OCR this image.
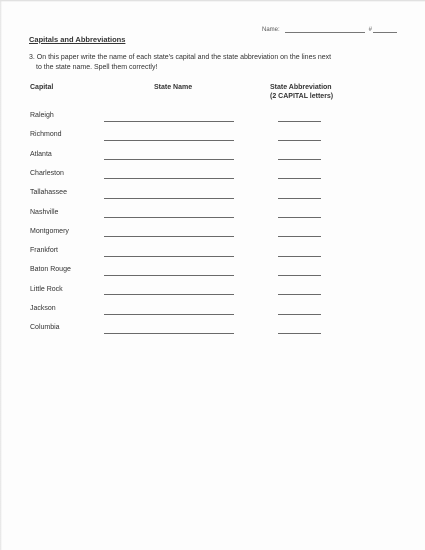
Name:	#
Capitals and Abbreviations
3. On this paper write the name of each state's capital and the state abbreviation on the lines next
to the state name. Spell them correctly!
Capital	State Name	State Abbreviation
(2 CAPITAL letters)
Raleigh
Richmond
Atlanta
Charleston
Tallahassee
Nashville
Montgomery
Frankfort
Baton Rouge
Little Rock
Jackson
Columbia
